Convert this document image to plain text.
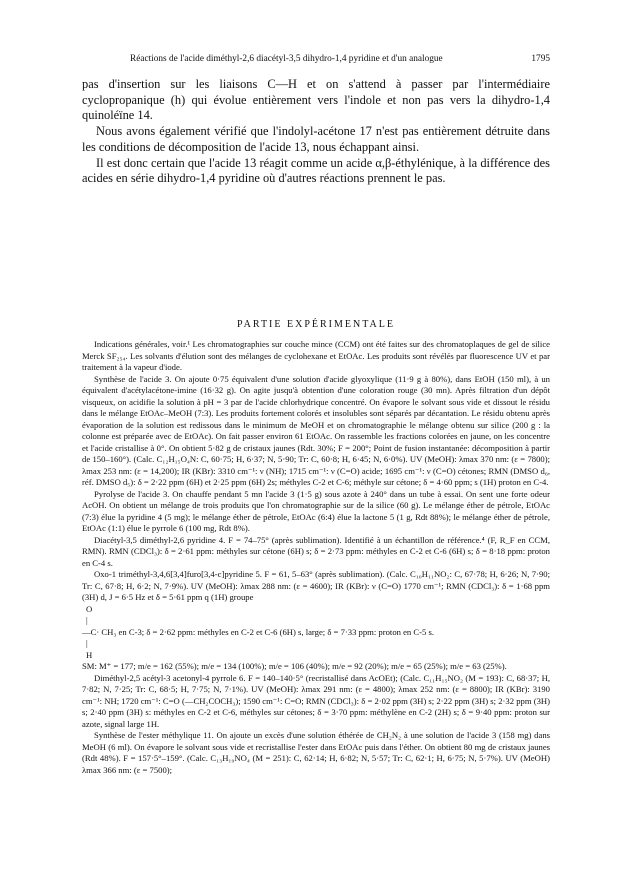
Réactions de l'acide diméthyl-2,6 diacétyl-3,5 dihydro-1,4 pyridine et d'un analogue	1795

pas d'insertion sur les liaisons C—H et on s'attend à passer par l'intermédiaire cyclopropanique (h) qui évolue entièrement vers l'indole et non pas vers la dihydro-1,4 quinoléïne 14.

Nous avons également vérifié que l'indolyl-acétone 17 n'est pas entièrement détruite dans les conditions de décomposition de l'acide 13, nous échappant ainsi.

Il est donc certain que l'acide 13 réagit comme un acide α,β-éthylénique, à la différence des acides en série dihydro-1,4 pyridine où d'autres réactions prennent le pas.

PARTIE EXPÉRIMENTALE

Indications générales, voir.¹ Les chromatographies sur couche mince (CCM) ont été faites sur des chromatoplaques de gel de silice Merck SF₂₅₄. Les solvants d'élution sont des mélanges de cyclohexane et EtOAc. Les produits sont révélés par fluorescence UV et par traitement à la vapeur d'iode.

Synthèse de l'acide 3. On ajoute 0·75 équivalent d'une solution d'acide glyoxylique (11·9 g à 80%), dans EtOH (150 ml), à un équivalent d'acétylacétone-imine (16·32 g). On agite jusqu'à obtention d'une coloration rouge (30 mn). Après filtration d'un dépôt visqueux, on acidifie la solution à pH = 3 par de l'acide chlorhydrique concentré. On évapore le solvant sous vide et dissout le résidu dans le mélange EtOAc–MeOH (7:3). Les produits fortement colorés et insolubles sont séparés par décantation. Le résidu obtenu après évaporation de la solution est redissous dans le minimum de MeOH et on chromatographie le mélange obtenu sur silice (200 g : la colonne est préparée avec de EtOAc). On fait passer environ 61 EtOAc. On rassemble les fractions colorées en jaune, on les concentre et l'acide cristallise à 0°. On obtient 5·82 g de cristaux jaunes (Rdt. 30%; F = 200°; Point de fusion instantanée: décomposition à partir de 150–160°). (Calc. C₁₂H₁₅O₄N: C, 60·75; H, 6·37; N, 5·90; Tr: C, 60·8; H, 6·45; N, 6·0%). UV (MeOH): λmax 370 nm: (ε = 7800); λmax 253 nm: (ε = 14,200); IR (KBr): 3310 cm⁻¹: ν (NH); 1715 cm⁻¹: ν (C=O) acide; 1695 cm⁻¹: ν (C=O) cétones; RMN (DMSO d₆, réf. DMSO d₅): δ = 2·22 ppm (6H) et 2·25 ppm (6H) 2s; méthyles C-2 et C-6; méthyle sur cétone; δ = 4·60 ppm; s (1H) proton en C-4.

Pyrolyse de l'acide 3. On chauffe pendant 5 mn l'acide 3 (1·5 g) sous azote à 240° dans un tube à essai. On sent une forte odeur AcOH. On obtient un mélange de trois produits que l'on chromatographie sur de la silice (60 g). Le mélange éther de pétrole, EtOAc (7:3) élue la pyridine 4 (5 mg); le mélange éther de pétrole, EtOAc (6:4) élue la lactone 5 (1 g, Rdt 88%); le mélange éther de pétrole, EtOAc (1:1) élue le pyrrole 6 (100 mg, Rdt 8%).

Diacétyl-3,5 diméthyl-2,6 pyridine 4. F = 74–75° (après sublimation). Identifié à un échantillon de référence.⁴ (F, R_F en CCM, RMN). RMN (CDCl₃): δ = 2·61 ppm: méthyles sur cétone (6H) s; δ = 2·73 ppm: méthyles en C-2 et C-6 (6H) s; δ = 8·18 ppm: proton en C-4 s.

Oxo-1 triméthyl-3,4,6[3,4]furo[3,4-c]pyridine 5. F = 61, 5–63° (après sublimation). (Calc. C₁₀H₁₁NO₂: C, 67·78; H, 6·26; N, 7·90; Tr: C, 67·8; H, 6·2; N, 7·9%). UV (MeOH): λmax 288 nm: (ε = 4600); IR (KBr): ν (C=O) 1770 cm⁻¹; RMN (CDCl₃): δ = 1·68 ppm (3H) d, J = 6·5 Hz et δ = 5·61 ppm q (1H) groupe

O
|

—C· CH₃ en C-3; δ = 2·62 ppm: méthyles en C-2 et C-6 (6H) s, large; δ = 7·33 ppm: proton en C-5 s.

|
H

SM: M⁺ = 177; m/e = 162 (55%); m/e = 134 (100%); m/e = 106 (40%); m/e = 92 (20%); m/e = 65 (25%); m/e = 63 (25%).

Diméthyl-2,5 acétyl-3 acetonyl-4 pyrrole 6. F = 140–140·5° (recristallisé dans AcOEt); (Calc. C₁₁H₁₅NO₂ (M = 193): C, 68·37; H, 7·82; N, 7·25; Tr: C, 68·5; H, 7·75; N, 7·1%). UV (MeOH): λmax 291 nm: (ε = 4800); λmax 252 nm: (ε = 8800); IR (KBr): 3190 cm⁻¹: NH; 1720 cm⁻¹: C=O (—CH₂COCH₃); 1590 cm⁻¹: C=O; RMN (CDCl₃): δ = 2·02 ppm (3H) s; 2·22 ppm (3H) s; 2·32 ppm (3H) s; 2·40 ppm (3H) s: méthyles en C-2 et C-6, méthyles sur cétones; δ = 3·70 ppm: méthylène en C-2 (2H) s; δ = 9·40 ppm: proton sur azote, signal large 1H.

Synthèse de l'ester méthylique 11. On ajoute un excès d'une solution éthérée de CH₂N₂ à une solution de l'acide 3 (158 mg) dans MeOH (6 ml). On évapore le solvant sous vide et recristallise l'ester dans EtOAc puis dans l'éther. On obtient 80 mg de cristaux jaunes (Rdt 48%). F = 157·5°–159°. (Calc. C₁₃H₁₉NO₄ (M = 251): C, 62·14; H, 6·82; N, 5·57; Tr: C, 62·1; H, 6·75; N, 5·7%). UV (MeOH) λmax 366 nm: (ε = 7500);
